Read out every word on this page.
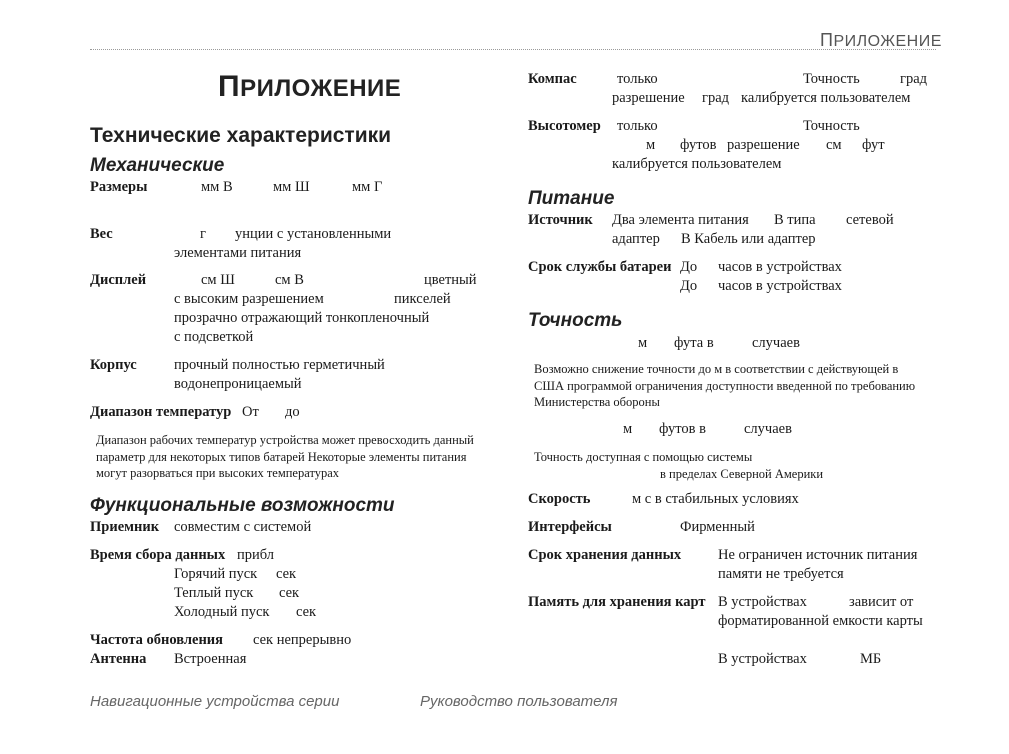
ПРИЛОЖЕНИЕ
ПРИЛОЖЕНИЕ
Технические характеристики
Механические
Размеры	мм В	мм Ш	мм Г
Вес	г унции с установленными
элементами питания
Дисплей	см Ш	см В	цветный
с высоким разрешением	пикселей
прозрачно отражающий тонкопленочный
с подсветкой
Корпус	прочный полностью герметичный
водонепроницаемый
Диапазон температур От до
Диапазон рабочих температур устройства может превосходить данный параметр для некоторых типов батарей Некоторые элементы питания могут разорваться при высоких температурах
Функциональные возможности
Приемник совместим с системой
Время сбора данных прибл
Горячий пуск сек
Теплый пуск сек
Холодный пуск сек
Частота обновления сек непрерывно
Антенна Встроенная
Компас	только	Точность	град
разрешение град калибруется пользователем
Высотомер только	Точность
м футов разрешение см фут
калибруется пользователем
Питание
Источник Два элемента питания В типа сетевой
адаптер В Кабель или адаптер
Срок службы батареи До часов в устройствах
До часов в устройствах
Точность
м фута в	случаев
Возможно снижение точности до м в соответствии с действующей в США программой ограничения доступности введенной по требованию Министерства обороны
м футов в	случаев
Точность доступная с помощью системы
в пределах Северной Америки
Скорость	м с в стабильных условиях
Интерфейсы	Фирменный
Срок хранения данных	Не ограничен источник питания
памяти не требуется
Память для хранения карт В устройствах	зависит от
форматированной емкости карты
В устройствах	МБ
Навигационные устройства серии	Руководство пользователя
